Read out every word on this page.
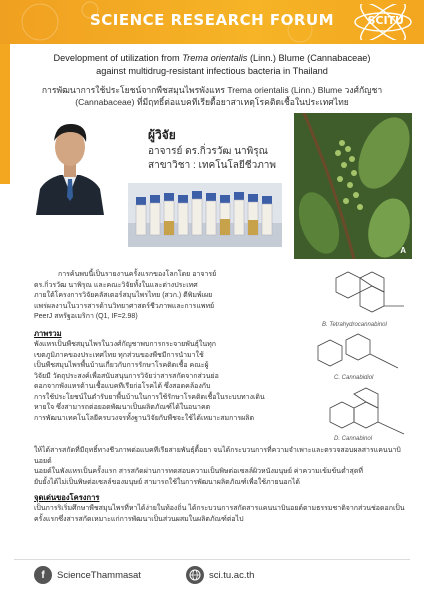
SCIENCE RESEARCH FORUM	SCITU
Development of utilization from Trema orientalis (Linn.) Blume (Cannabaceae)
against multidrug-resistant infectious bacteria in Thailand
การพัฒนาการใช้ประโยชน์จากพืชสมุนไพรพังแหร Trema orientalis (Linn.) Blume วงศ์กัญชา
(Cannabaceae) ที่มีฤทธิ์ต่อแบคทีเรียดื้อยาสาเหตุโรคติดเชื้อในประเทศไทย
ผู้วิจัย
อาจารย์ ดร.กิ่วรวัฒ นาพิรุณ
สาขาวิชา : เทคโนโลยีชีวภาพ
A
การค้นพบนี้เป็นรายงานครั้งแรกของโลกโดย อาจารย์
ดร.กิ่วรวัฒ นาพิรุณ และคณะวิจัยทั้งในและต่างประเทศ
ภายใต้โครงการวิจัยคลัสเตอร์สมุนไพรไทย (สวก.) ตีพิมพ์เผย
แพร่ผลงานในวารสารด้านวิทยาศาสตร์ชีวภาพและการแพทย์
PeerJ สหรัฐอเมริกา (Q1, IF=2.98)
B. Tetrahydrocannabinol
C. Cannabidiol
D. Cannabinol
ภาพรวม
พังแหรเป็นพืชสมุนไพรในวงศ์กัญชาพบการกระจายพันธุ์ในทุก
เขตภูมิภาคของประเทศไทย ทุกส่วนของพืชมีการนำมาใช้
เป็นพืชสมุนไพรพื้นบ้านเกี่ยวกับการรักษาโรคติดเชื้อ คณะผู้
วิจัยมี วัตถุประสงค์เพื่อสนับสนุนการวิจัยว่าสารสกัดจากส่วนย่อ
ดอกจากพังแหรต้านเชื้อแบคทีเรียก่อโรคได้ ซึ่งสอดคล้องกับ
การใช้ประโยชน์ในตำรับยาพื้นบ้านในการใช้รักษาโรคติดเชื้อในระบบทางเดิน
หายใจ ซึ่งสามารถต่อยอดพัฒนาเป็นผลิตภัณฑ์ได้ในอนาคต
การพัฒนาเทคโนโลยีครบวงจรทั้งฐานวิจัยกับพืชจะใช้ได้เหมาะสมการผลิต
ให้ได้สารสกัดที่มีฤทธิ์ทางชีวภาพต่อแบคทีเรียสายพันธุ์ดื้อยา จนได้กระบวนการที่ความจำเพาะและตรวจสอบผลสารแคนนาบินอยด์
นอยด์ในพังแหรเป็นครั้งแรก สารสกัดผ่านการทดสอบความเป็นพิษต่อเซลล์ผิวหนังมนุษย์ ค่าความเข้มข้นต่ำสุดที่
ยับยั้งได้ไม่เป็นพิษต่อเซลล์ของมนุษย์ สามารถใช้ในการพัฒนาผลิตภัณฑ์เพื่อใช้ภายนอกได้
จุดเด่นของโครงการ
เป็นการริเริ่มศึกษาพืชสมุนไพรที่หาได้ง่ายในท้องถิ่น ได้กระบวนการสกัดสารแคนนาบินอยด์ตามธรรมชาติจากส่วนช่อดอกเป็น
ครั้งแรกซึ่งสารสกัดเหมาะแก่การพัฒนาเป็นส่วนผสมในผลิตภัณฑ์ต่อไป
f	ScienceThammasat	sci.tu.ac.th
